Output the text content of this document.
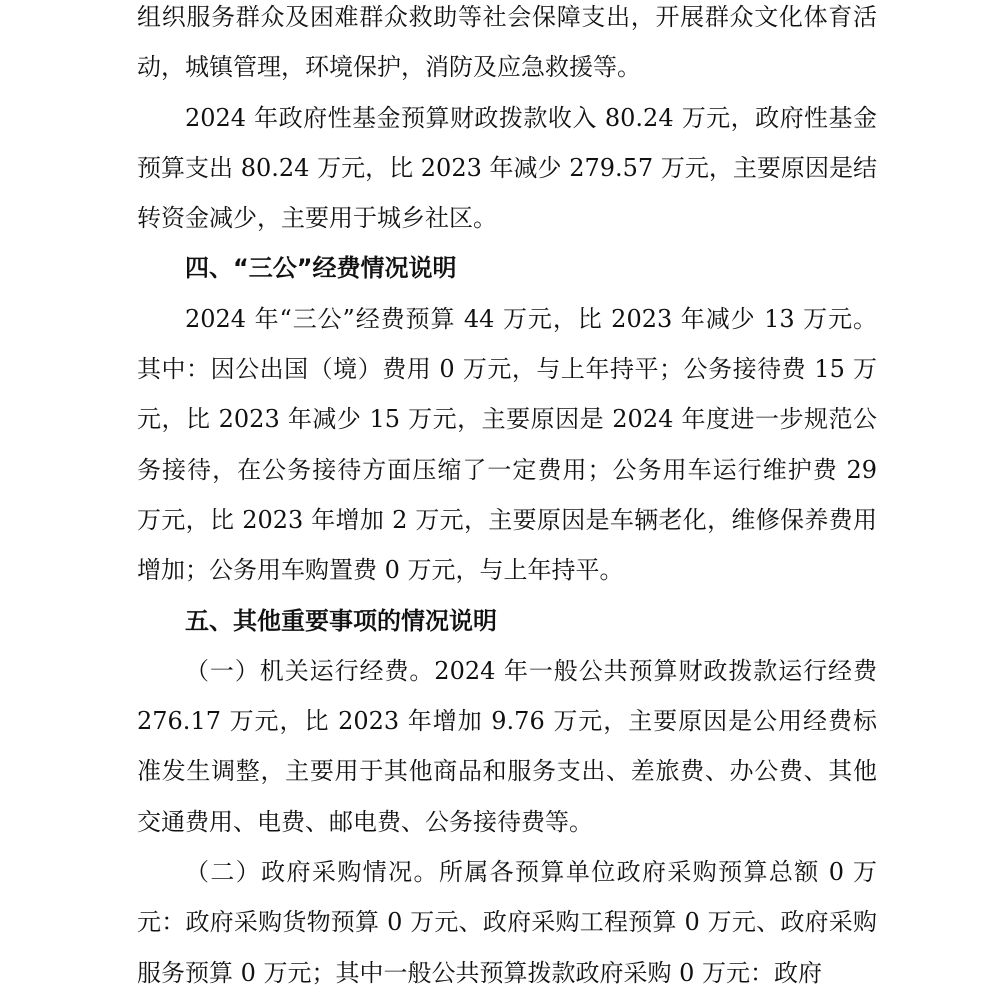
组织服务群众及困难群众救助等社会保障支出，开展群众文化体育活动，城镇管理，环境保护，消防及应急救援等。

2024 年政府性基金预算财政拨款收入 80.24 万元，政府性基金预算支出 80.24 万元，比 2023 年减少 279.57 万元，主要原因是结转资金减少，主要用于城乡社区。

四、“三公”经费情况说明

2024 年“三公”经费预算 44 万元，比 2023 年减少 13 万元。其中：因公出国（境）费用 0 万元，与上年持平；公务接待费 15 万元，比 2023 年减少 15 万元，主要原因是 2024 年度进一步规范公务接待，在公务接待方面压缩了一定费用；公务用车运行维护费 29 万元，比 2023 年增加 2 万元，主要原因是车辆老化，维修保养费用增加；公务用车购置费 0 万元，与上年持平。

五、其他重要事项的情况说明

（一）机关运行经费。2024 年一般公共预算财政拨款运行经费 276.17 万元，比 2023 年增加 9.76 万元，主要原因是公用经费标准发生调整，主要用于其他商品和服务支出、差旅费、办公费、其他交通费用、电费、邮电费、公务接待费等。

（二）政府采购情况。所属各预算单位政府采购预算总额 0 万元：政府采购货物预算 0 万元、政府采购工程预算 0 万元、政府采购服务预算 0 万元；其中一般公共预算拨款政府采购 0 万元：政府
